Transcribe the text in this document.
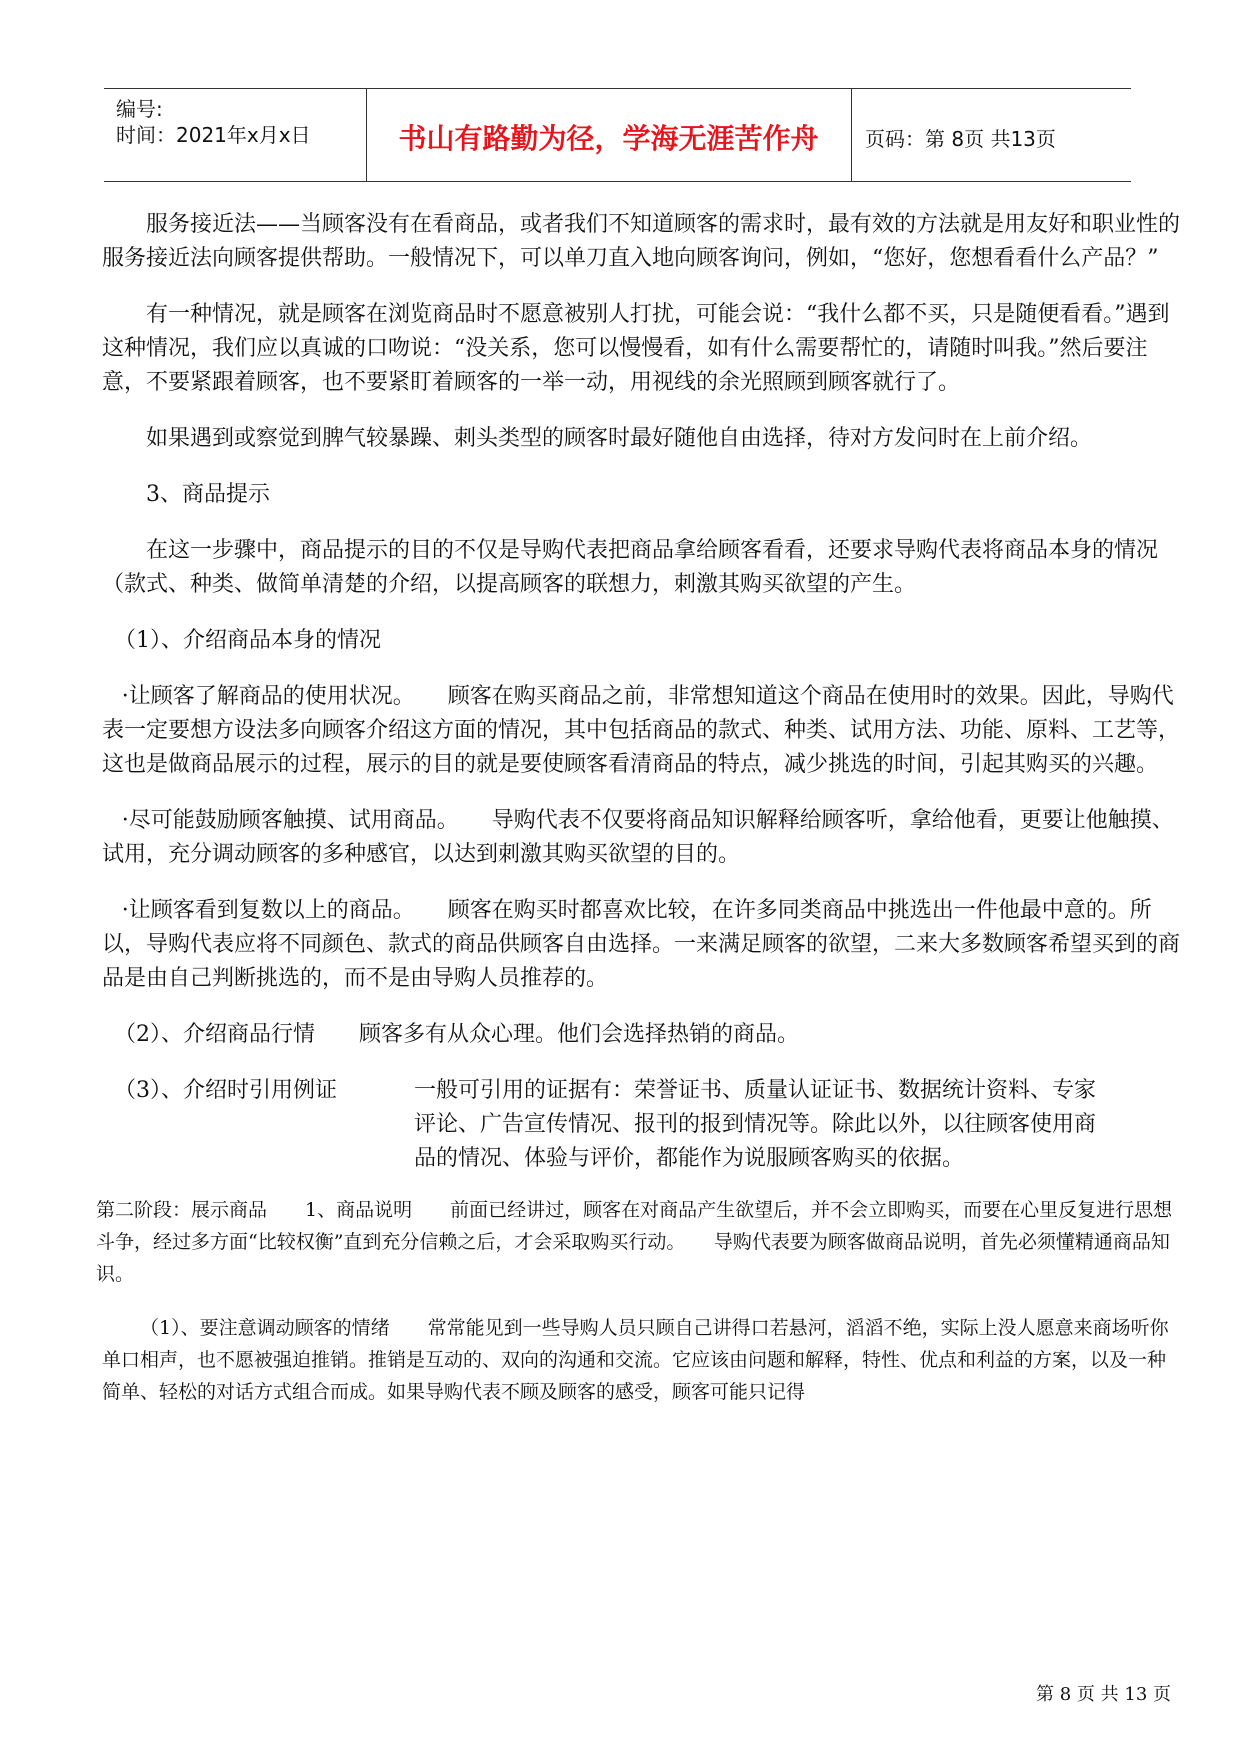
编号:
时间：2021年x月x日	书山有路勤为径，学海无涯苦作舟	页码：第 8页 共13页

服务接近法——当顾客没有在看商品，或者我们不知道顾客的需求时，最有效的方法就是用友好和职业性的服务接近法向顾客提供帮助。一般情况下，可以单刀直入地向顾客询问，例如，“您好，您想看看什么产品？”

有一种情况，就是顾客在浏览商品时不愿意被别人打扰，可能会说：“我什么都不买，只是随便看看。”遇到这种情况，我们应以真诚的口吻说：“没关系，您可以慢慢看，如有什么需要帮忙的，请随时叫我。”然后要注意，不要紧跟着顾客，也不要紧盯着顾客的一举一动，用视线的余光照顾到顾客就行了。

如果遇到或察觉到脾气较暴躁、刺头类型的顾客时最好随他自由选择，待对方发问时在上前介绍。

3、商品提示

在这一步骤中，商品提示的目的不仅是导购代表把商品拿给顾客看看，还要求导购代表将商品本身的情况（款式、种类、做简单清楚的介绍，以提高顾客的联想力，刺激其购买欲望的产生。

（1）、介绍商品本身的情况

·让顾客了解商品的使用状况。　　顾客在购买商品之前，非常想知道这个商品在使用时的效果。因此，导购代表一定要想方设法多向顾客介绍这方面的情况，其中包括商品的款式、种类、试用方法、功能、原料、工艺等，这也是做商品展示的过程，展示的目的就是要使顾客看清商品的特点，减少挑选的时间，引起其购买的兴趣。

·尽可能鼓励顾客触摸、试用商品。　　导购代表不仅要将商品知识解释给顾客听，拿给他看，更要让他触摸、试用，充分调动顾客的多种感官，以达到刺激其购买欲望的目的。

·让顾客看到复数以上的商品。　　顾客在购买时都喜欢比较，在许多同类商品中挑选出一件他最中意的。所以，导购代表应将不同颜色、款式的商品供顾客自由选择。一来满足顾客的欲望，二来大多数顾客希望买到的商品是由自己判断挑选的，而不是由导购人员推荐的。

（2）、介绍商品行情　　顾客多有从众心理。他们会选择热销的商品。

（3）、介绍时引用例证	一般可引用的证据有：荣誉证书、质量认证证书、数据统计资料、专家评论、广告宣传情况、报刊的报到情况等。除此以外，以往顾客使用商品的情况、体验与评价，都能作为说服顾客购买的依据。

第二阶段：展示商品　　1、商品说明　　前面已经讲过，顾客在对商品产生欲望后，并不会立即购买，而要在心里反复进行思想斗争，经过多方面“比较权衡”直到充分信赖之后，才会采取购买行动。　　导购代表要为顾客做商品说明，首先必须懂精通商品知识。

（1）、要注意调动顾客的情绪　　常常能见到一些导购人员只顾自己讲得口若悬河，滔滔不绝，实际上没人愿意来商场听你单口相声，也不愿被强迫推销。推销是互动的、双向的沟通和交流。它应该由问题和解释，特性、优点和利益的方案，以及一种简单、轻松的对话方式组合而成。如果导购代表不顾及顾客的感受，顾客可能只记得

第 8 页 共 13 页
